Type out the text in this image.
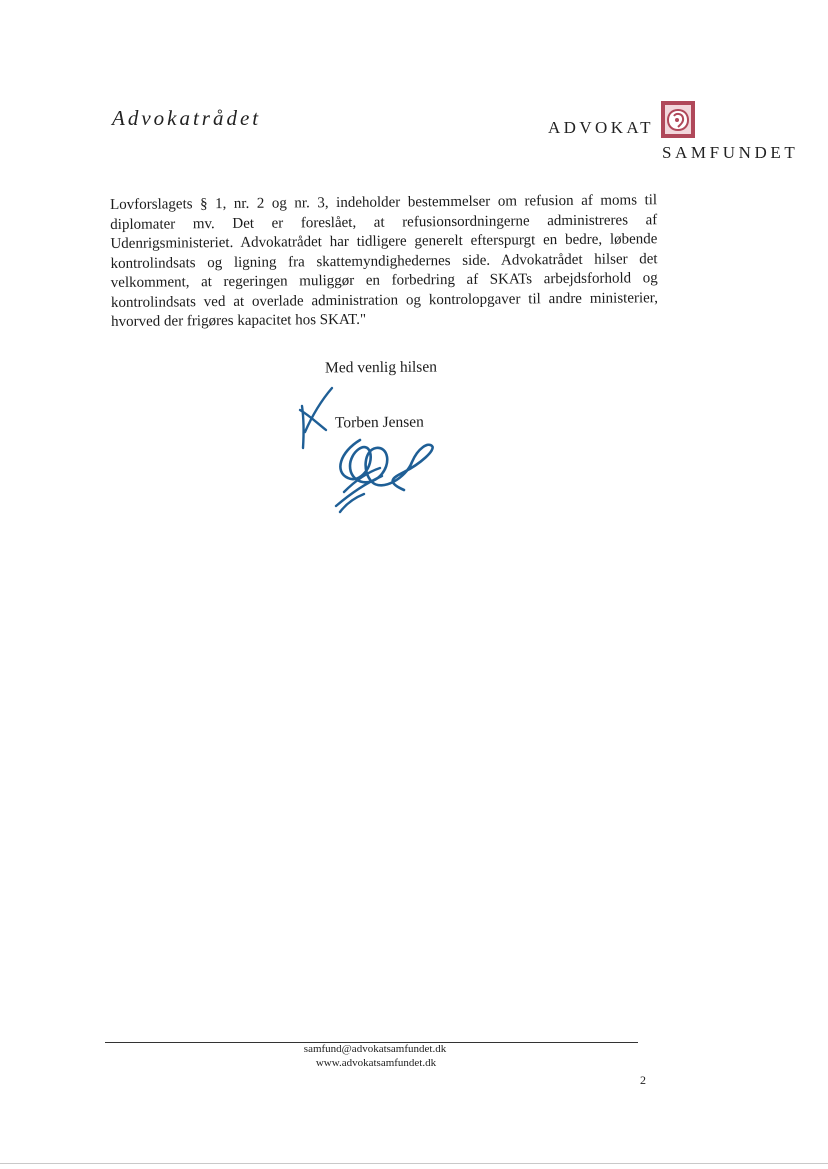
Advokatrådet	ADVOKAT
SAMFUNDET
Lovforslagets § 1, nr. 2 og nr. 3, indeholder bestemmelser om refusion af moms til diplomater mv. Det er foreslået, at refusionsordningerne administreres af Udenrigsministeriet. Advokatrådet har tidligere generelt efterspurgt en bedre, løbende kontrolindsats og ligning fra skattemyndighedernes side. Advokatrådet hilser det velkomment, at regeringen muliggør en forbedring af SKATs arbejdsforhold og kontrolindsats ved at overlade administration og kontrolopgaver til andre ministerier, hvorved der frigøres kapacitet hos SKAT."
Med venlig hilsen
Torben Jensen
samfund@advokatsamfundet.dk
www.advokatsamfundet.dk
2
